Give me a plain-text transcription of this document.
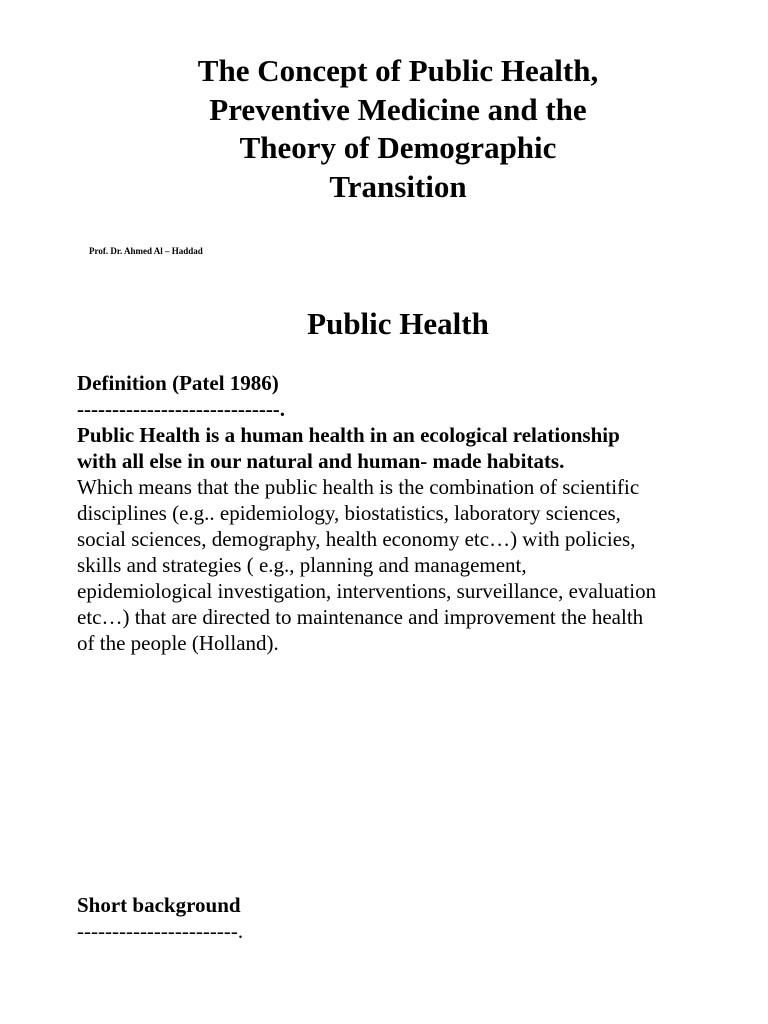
The Concept of Public Health,
Preventive Medicine and the
Theory of Demographic
Transition

Prof. Dr. Ahmed Al – Haddad

Public Health
Definition (Patel 1986)
-----------------------------.
Public Health is a human health in an ecological relationship
with all else in our natural and human- made habitats.
Which means that the public health is the combination of scientific
disciplines (e.g.. epidemiology, biostatistics, laboratory sciences,
social sciences, demography, health economy etc…) with policies,
skills and strategies ( e.g., planning and management,
epidemiological investigation, interventions, surveillance, evaluation
etc…) that are directed to maintenance and improvement the health
of the people (Holland).
Short background
-----------------------.
